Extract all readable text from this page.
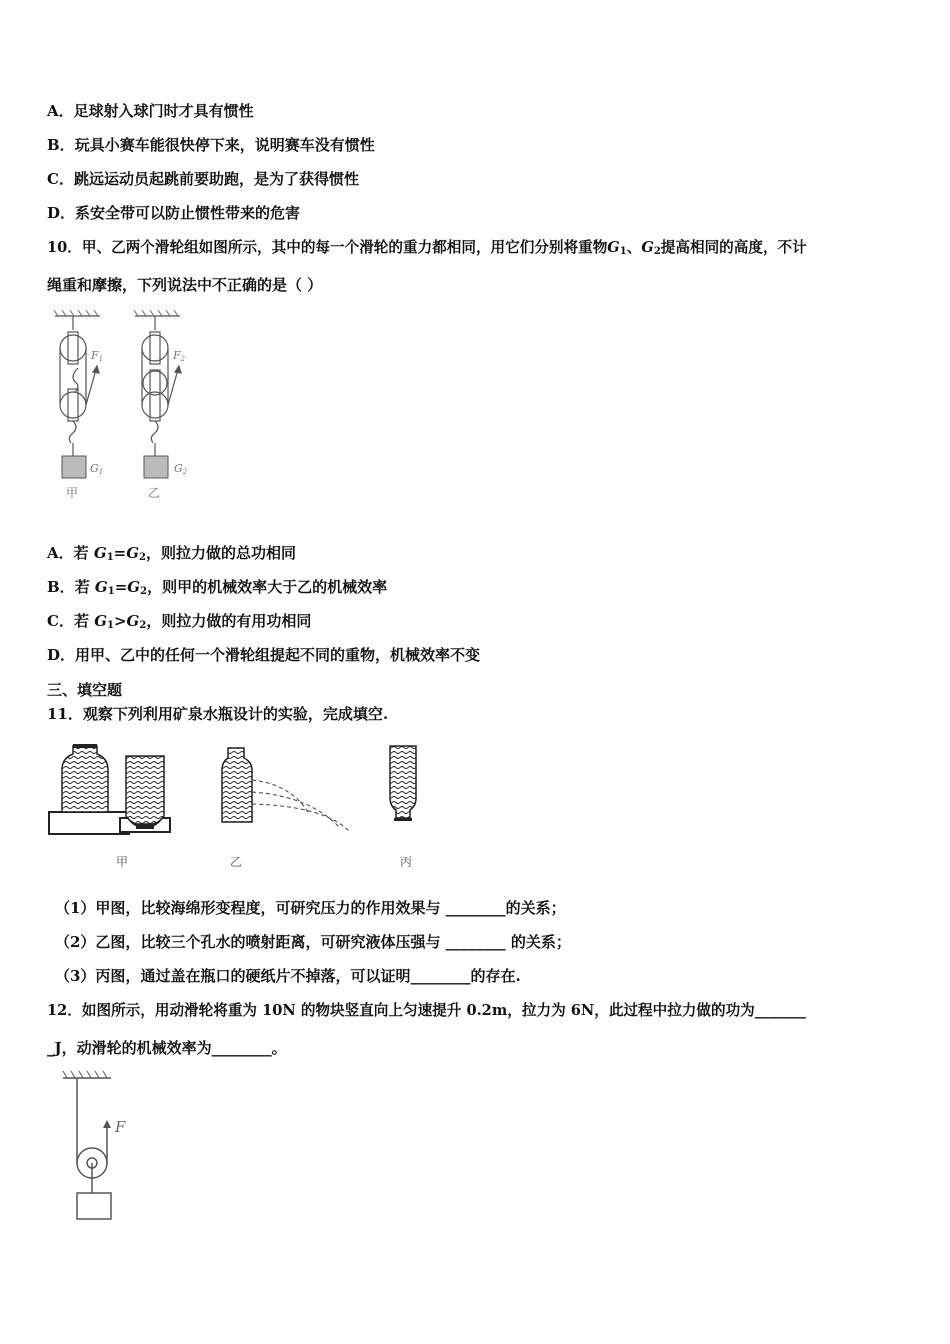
A．足球射入球门时才具有惯性
B．玩具小赛车能很快停下来，说明赛车没有惯性
C．跳远运动员起跳前要助跑，是为了获得惯性
D．系安全带可以防止惯性带来的危害
10．甲、乙两个滑轮组如图所示，其中的每一个滑轮的重力都相同，用它们分别将重物$G_1$、$G_2$提高相同的高度，不计
绳重和摩擦，下列说法中不正确的是（ ）
F1	F2
G1	G2
甲	乙
A．若 $G_1=G_2$，则拉力做的总功相同
B．若 $G_1=G_2$，则甲的机械效率大于乙的机械效率
C．若 $G_1>G_2$，则拉力做的有用功相同
D．用甲、乙中的任何一个滑轮组提起不同的重物，机械效率不变
三、填空题
11．观察下列利用矿泉水瓶设计的实验，完成填空.
甲	乙	丙
（1）甲图，比较海绵形变程度，可研究压力的作用效果与 ________的关系；
（2）乙图，比较三个孔水的喷射距离，可研究液体压强与 ________ 的关系；
（3）丙图，通过盖在瓶口的硬纸片不掉落，可以证明________的存在.
12．如图所示，用动滑轮将重为 10N 的物块竖直向上匀速提升 0.2m，拉力为 6N，此过程中拉力做的功为_______
_J，动滑轮的机械效率为________。
F
